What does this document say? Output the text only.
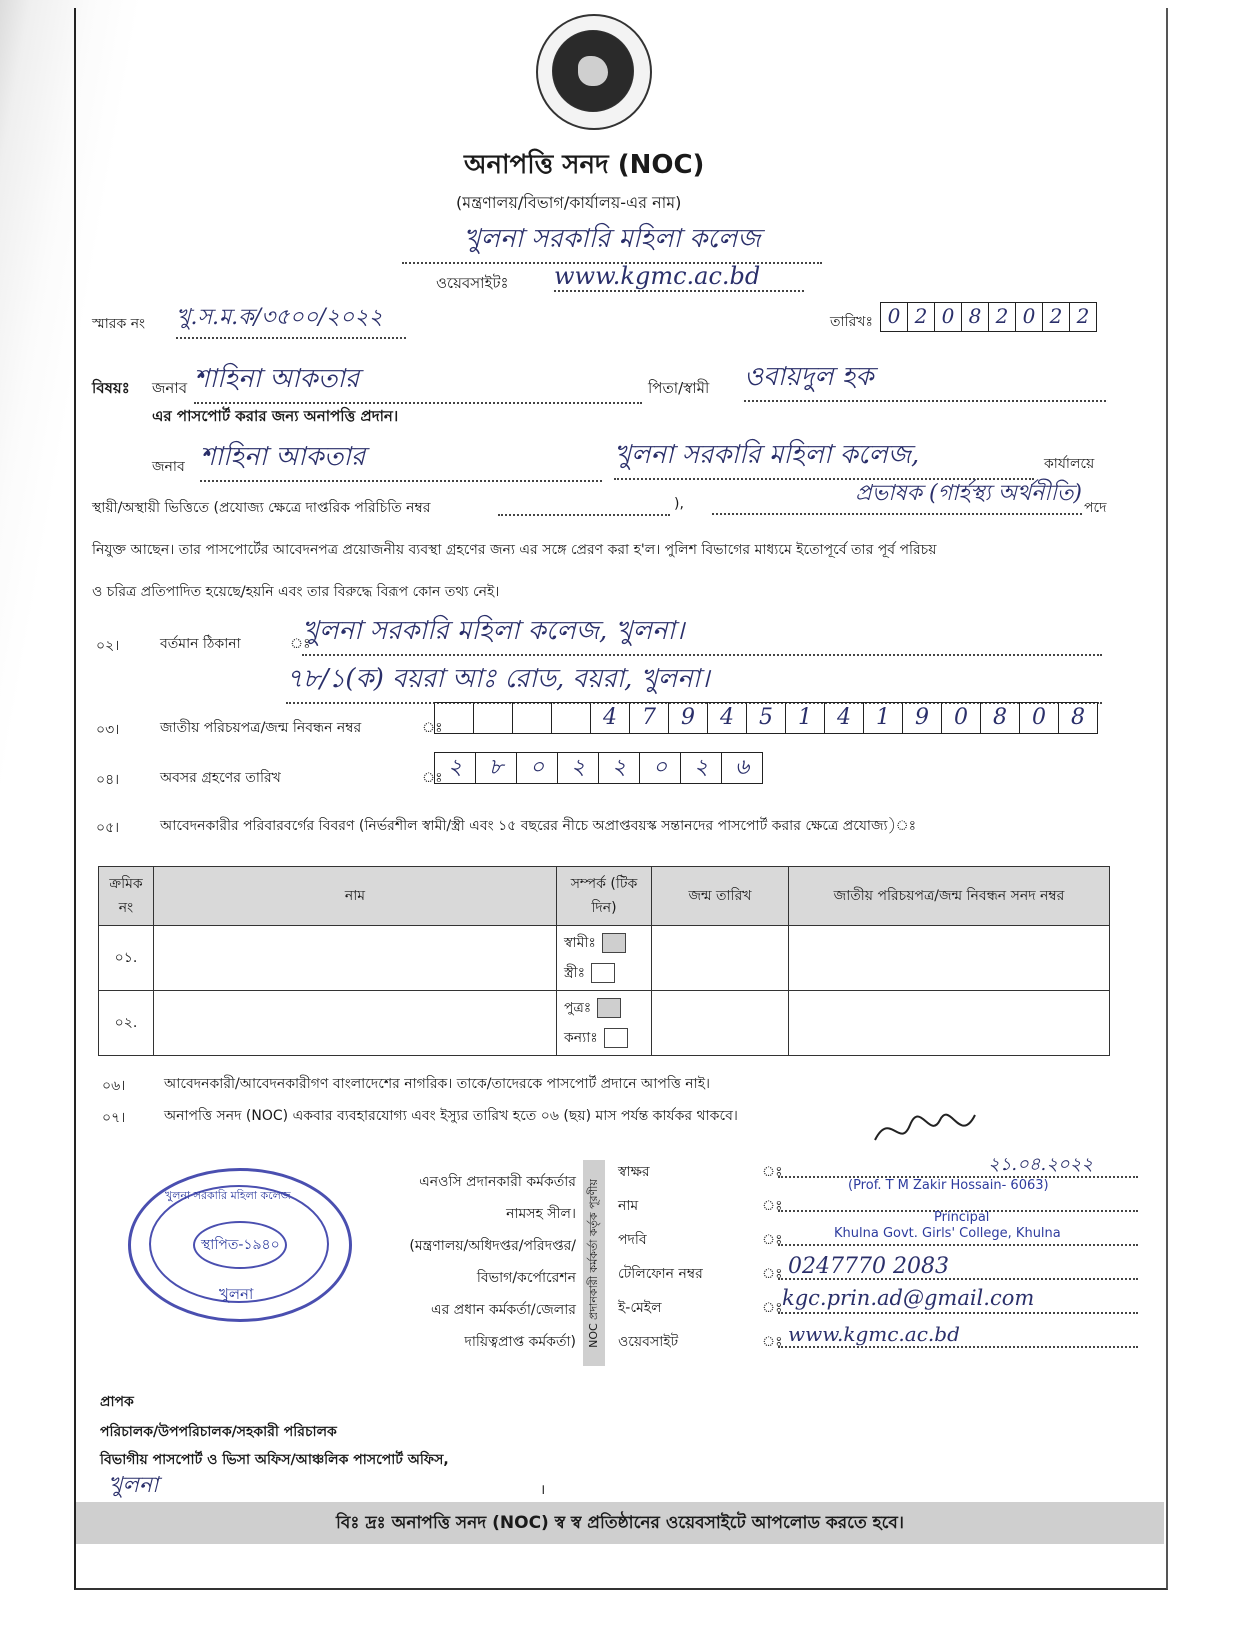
অনাপত্তি সনদ (NOC)
(মন্ত্রণালয়/বিভাগ/কার্যালয়-এর নাম)
খুলনা সরকারি মহিলা কলেজ
ওয়েবসাইটঃ www.kgmc.ac.bd
স্মারক নং খু.স.ম.ক/৩৫০০/২০২২	তারিখঃ 0 2 0 8 2 0 2 2
বিষয়ঃ জনাব শাহিনা আকতার	পিতা/স্বামী ওবায়দুল হক
এর পাসপোর্ট করার জন্য অনাপত্তি প্রদান।
জনাব শাহিনা আকতার	খুলনা সরকারি মহিলা কলেজ,	কার্যালয়ে
স্থায়ী/অস্থায়ী ভিত্তিতে (প্রযোজ্য ক্ষেত্রে দাপ্তরিক পরিচিতি নম্বর	),	প্রভাষক (গার্হস্থ্য অর্থনীতি)
পদে
নিযুক্ত আছেন। তার পাসপোর্টের আবেদনপত্র প্রয়োজনীয় ব্যবস্থা গ্রহণের জন্য এর সঙ্গে প্রেরণ করা হ'ল। পুলিশ বিভাগের মাধ্যমে ইতোপূর্বে তার পূর্ব পরিচয়
ও চরিত্র প্রতিপাদিত হয়েছে/হয়নি এবং তার বিরুদ্ধে বিরূপ কোন তথ্য নেই।
০২।	বর্তমান ঠিকানা	ঃ
খুলনা সরকারি মহিলা কলেজ, খুলনা।
৭৮/১(ক) বয়রা আঃ রোড, বয়রা, খুলনা।
০৩।	জাতীয় পরিচয়পত্র/জন্ম নিবন্ধন নম্বর	ঃ	4	7	9	4	5	1	4	1	9	0	8	0	8
০৪।	অবসর গ্রহণের তারিখ	ঃ ২	৮	০	২	২	০	২	৬
০৫।	আবেদনকারীর পরিবারবর্গের বিবরণ (নির্ভরশীল স্বামী/স্ত্রী এবং ১৫ বছরের নীচে অপ্রাপ্তবয়স্ক সন্তানদের পাসপোর্ট করার ক্ষেত্রে প্রযোজ্য)ঃ
ক্রমিক নং	নাম	সম্পর্ক (টিক দিন)	জন্ম তারিখ	জাতীয় পরিচয়পত্র/জন্ম নিবন্ধন সনদ নম্বর
০১.		স্বামীঃ
স্ত্রীঃ		

০২.		পুত্রঃ
কন্যাঃ		

০৬।	আবেদনকারী/আবেদনকারীগণ বাংলাদেশের নাগরিক। তাকে/তাদেরকে পাসপোর্ট প্রদানে আপত্তি নাই।
০৭।	অনাপত্তি সনদ (NOC) একবার ব্যবহারযোগ্য এবং ইস্যুর তারিখ হতে ০৬ (ছয়) মাস পর্যন্ত কার্যকর থাকবে।
এনওসি প্রদানকারী কর্মকর্তার
নামসহ সীল।
(মন্ত্রণালয়/অধিদপ্তর/পরিদপ্তর/
বিভাগ/কর্পোরেশন
এর প্রধান কর্মকর্তা/জেলার
দায়িত্বপ্রাপ্ত কর্মকর্তা) NOC প্রদানকারী কর্মকর্তা কর্তৃক পূরণীয়
স্বাক্ষর	ঃ	২১.০৪.২০২২
নাম	ঃ
(Prof. T M Zakir Hossain- 6063)
পদবি	ঃ
Principal
Khulna Govt. Girls' College, Khulna
টেলিফোন নম্বর	ঃ 0247770 2083
ই-মেইল	ঃ kgc.prin.ad@gmail.com
ওয়েবসাইট	ঃ www.kgmc.ac.bd
খুলনা সরকারি মহিলা কলেজ
স্থাপিত-১৯৪০
খুলনা
প্রাপক
পরিচালক/উপপরিচালক/সহকারী পরিচালক
বিভাগীয় পাসপোর্ট ও ভিসা অফিস/আঞ্চলিক পাসপোর্ট অফিস,
খুলনা	।
বিঃ দ্রঃ অনাপত্তি সনদ (NOC) স্ব স্ব প্রতিষ্ঠানের ওয়েবসাইটে আপলোড করতে হবে।
